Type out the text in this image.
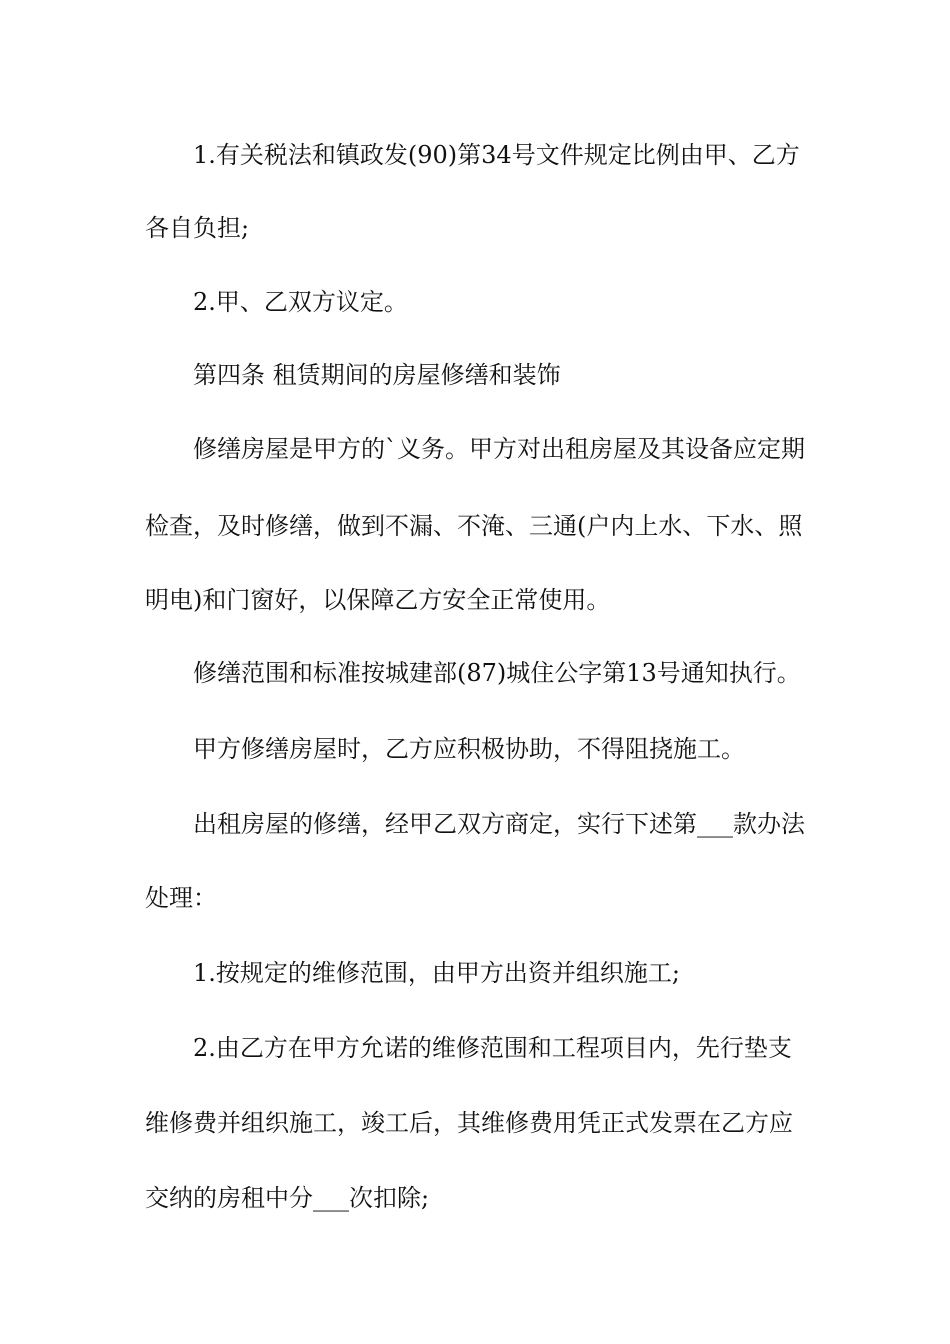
1.有关税法和镇政发(90)第34号文件规定比例由甲、乙方
各自负担;
2.甲、乙双方议定。
第四条 租赁期间的房屋修缮和装饰
修缮房屋是甲方的`义务。甲方对出租房屋及其设备应定期
检查，及时修缮，做到不漏、不淹、三通(户内上水、下水、照
明电)和门窗好，以保障乙方安全正常使用。
修缮范围和标准按城建部(87)城住公字第13号通知执行。
甲方修缮房屋时，乙方应积极协助，不得阻挠施工。
出租房屋的修缮，经甲乙双方商定，实行下述第___款办法
处理：
1.按规定的维修范围，由甲方出资并组织施工;
2.由乙方在甲方允诺的维修范围和工程项目内，先行垫支
维修费并组织施工，竣工后，其维修费用凭正式发票在乙方应
交纳的房租中分___次扣除;
